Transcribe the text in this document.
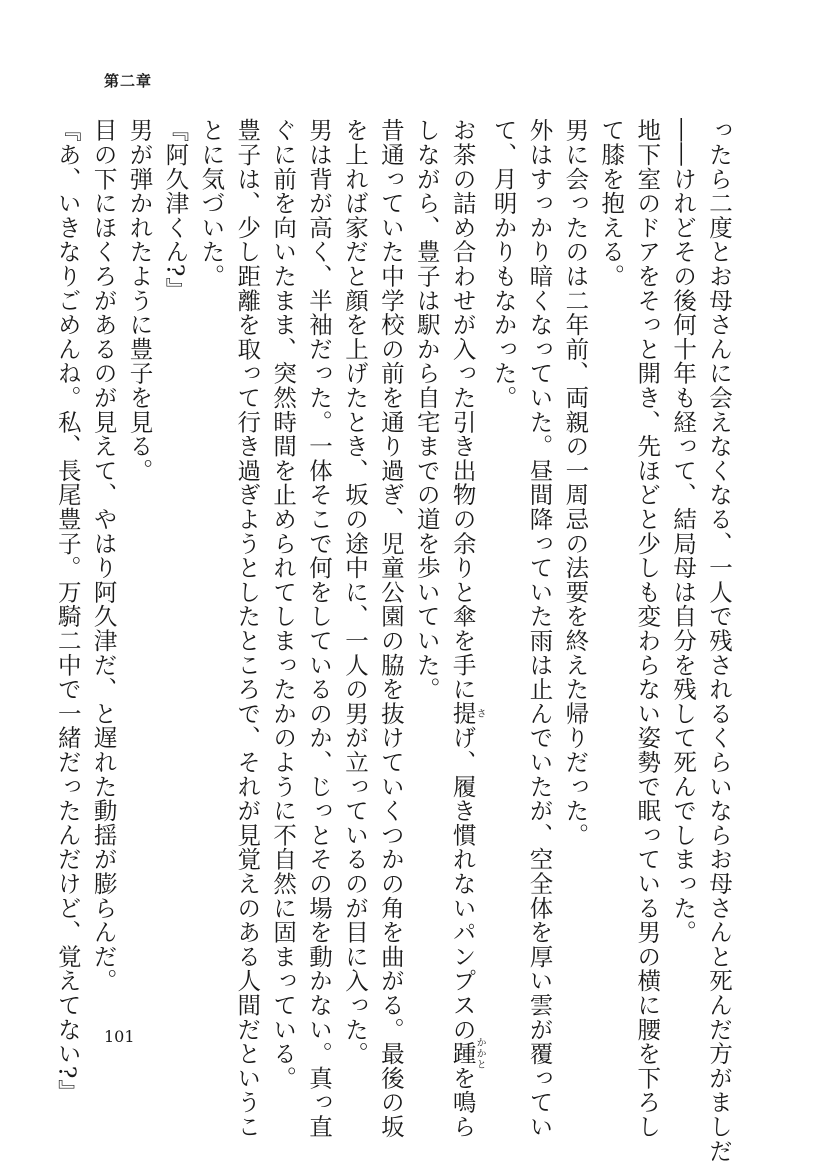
第二章
ったら二度とお母さんに会えなくなる、一人で残されるくらいならお母さんと死んだ方がましだ
――けれどその後何十年も経って、結局母は自分を残して死んでしまった。
地下室のドアをそっと開き、先ほどと少しも変わらない姿勢で眠っている男の横に腰を下ろし
て膝を抱える。
男に会ったのは二年前、両親の一周忌の法要を終えた帰りだった。
外はすっかり暗くなっていた。昼間降っていた雨は止んでいたが、空全体を厚い雲が覆ってい
て、月明かりもなかった。
お茶の詰め合わせが入った引き出物の余りと傘を手に提さげ、履き慣れないパンプスの踵かかとを鳴ら
しながら、豊子は駅から自宅までの道を歩いていた。
昔通っていた中学校の前を通り過ぎ、児童公園の脇を抜けていくつかの角を曲がる。最後の坂
を上れば家だと顔を上げたとき、坂の途中に、一人の男が立っているのが目に入った。
男は背が高く、半袖だった。一体そこで何をしているのか、じっとその場を動かない。真っ直
ぐに前を向いたまま、突然時間を止められてしまったかのように不自然に固まっている。
豊子は、少し距離を取って行き過ぎようとしたところで、それが見覚えのある人間だというこ
とに気づいた。
『阿久津くん?』
男が弾かれたように豊子を見る。
目の下にほくろがあるのが見えて、やはり阿久津だ、と遅れた動揺が膨らんだ。
『あ、いきなりごめんね。私、長尾豊子。万騎二中で一緒だったんだけど、覚えてない?』 101
